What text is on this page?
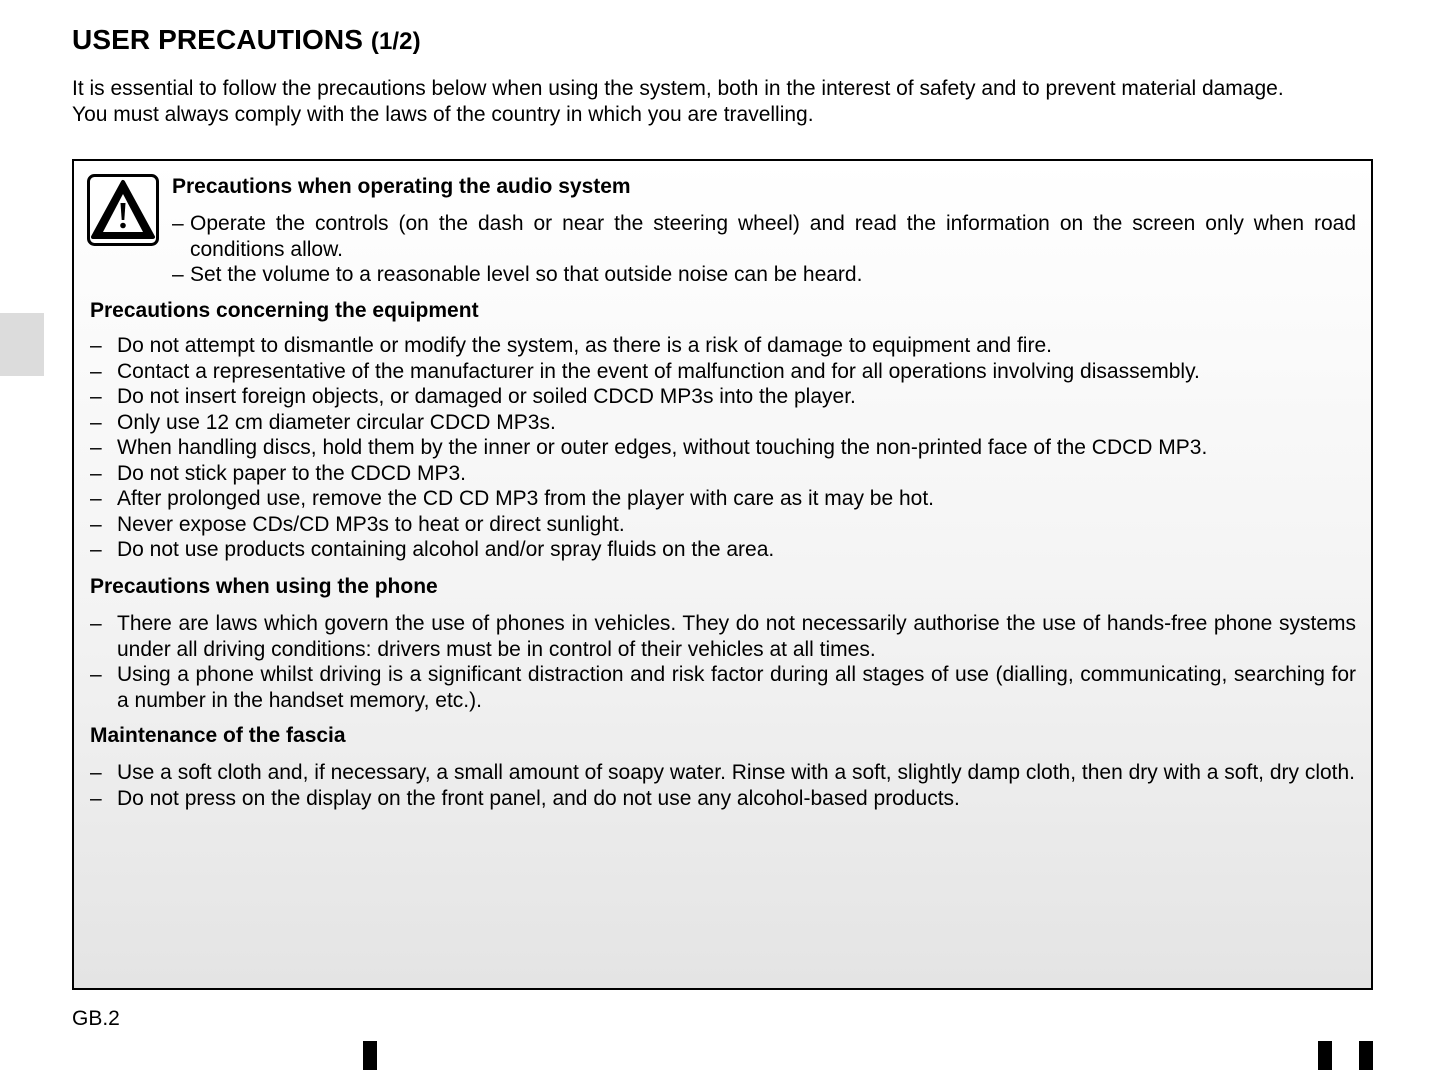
USER PRECAUTIONS (1/2)

It is essential to follow the precautions below when using the system, both in the interest of safety and to prevent material damage.

You must always comply with the laws of the country in which you are travelling.

Precautions when operating the audio system
– Operate the controls (on the dash or near the steering wheel) and read the information on the screen only when road conditions allow.
– Set the volume to a reasonable level so that outside noise can be heard.
Precautions concerning the equipment
– Do not attempt to dismantle or modify the system, as there is a risk of damage to equipment and fire.
– Contact a representative of the manufacturer in the event of malfunction and for all operations involving disassembly.
– Do not insert foreign objects, or damaged or soiled CDCD MP3s into the player.
– Only use 12 cm diameter circular CDCD MP3s.
– When handling discs, hold them by the inner or outer edges, without touching the non-printed face of the CDCD MP3.
– Do not stick paper to the CDCD MP3.
– After prolonged use, remove the CD CD MP3 from the player with care as it may be hot.
– Never expose CDs/CD MP3s to heat or direct sunlight.
– Do not use products containing alcohol and/or spray fluids on the area.
Precautions when using the phone
– There are laws which govern the use of phones in vehicles. They do not necessarily authorise the use of hands-free phone systems under all driving conditions: drivers must be in control of their vehicles at all times.
– Using a phone whilst driving is a significant distraction and risk factor during all stages of use (dialling, communicating, searching for a number in the handset memory, etc.).
Maintenance of the fascia
– Use a soft cloth and, if necessary, a small amount of soapy water. Rinse with a soft, slightly damp cloth, then dry with a soft, dry cloth.
– Do not press on the display on the front panel, and do not use any alcohol-based products.
GB.2
